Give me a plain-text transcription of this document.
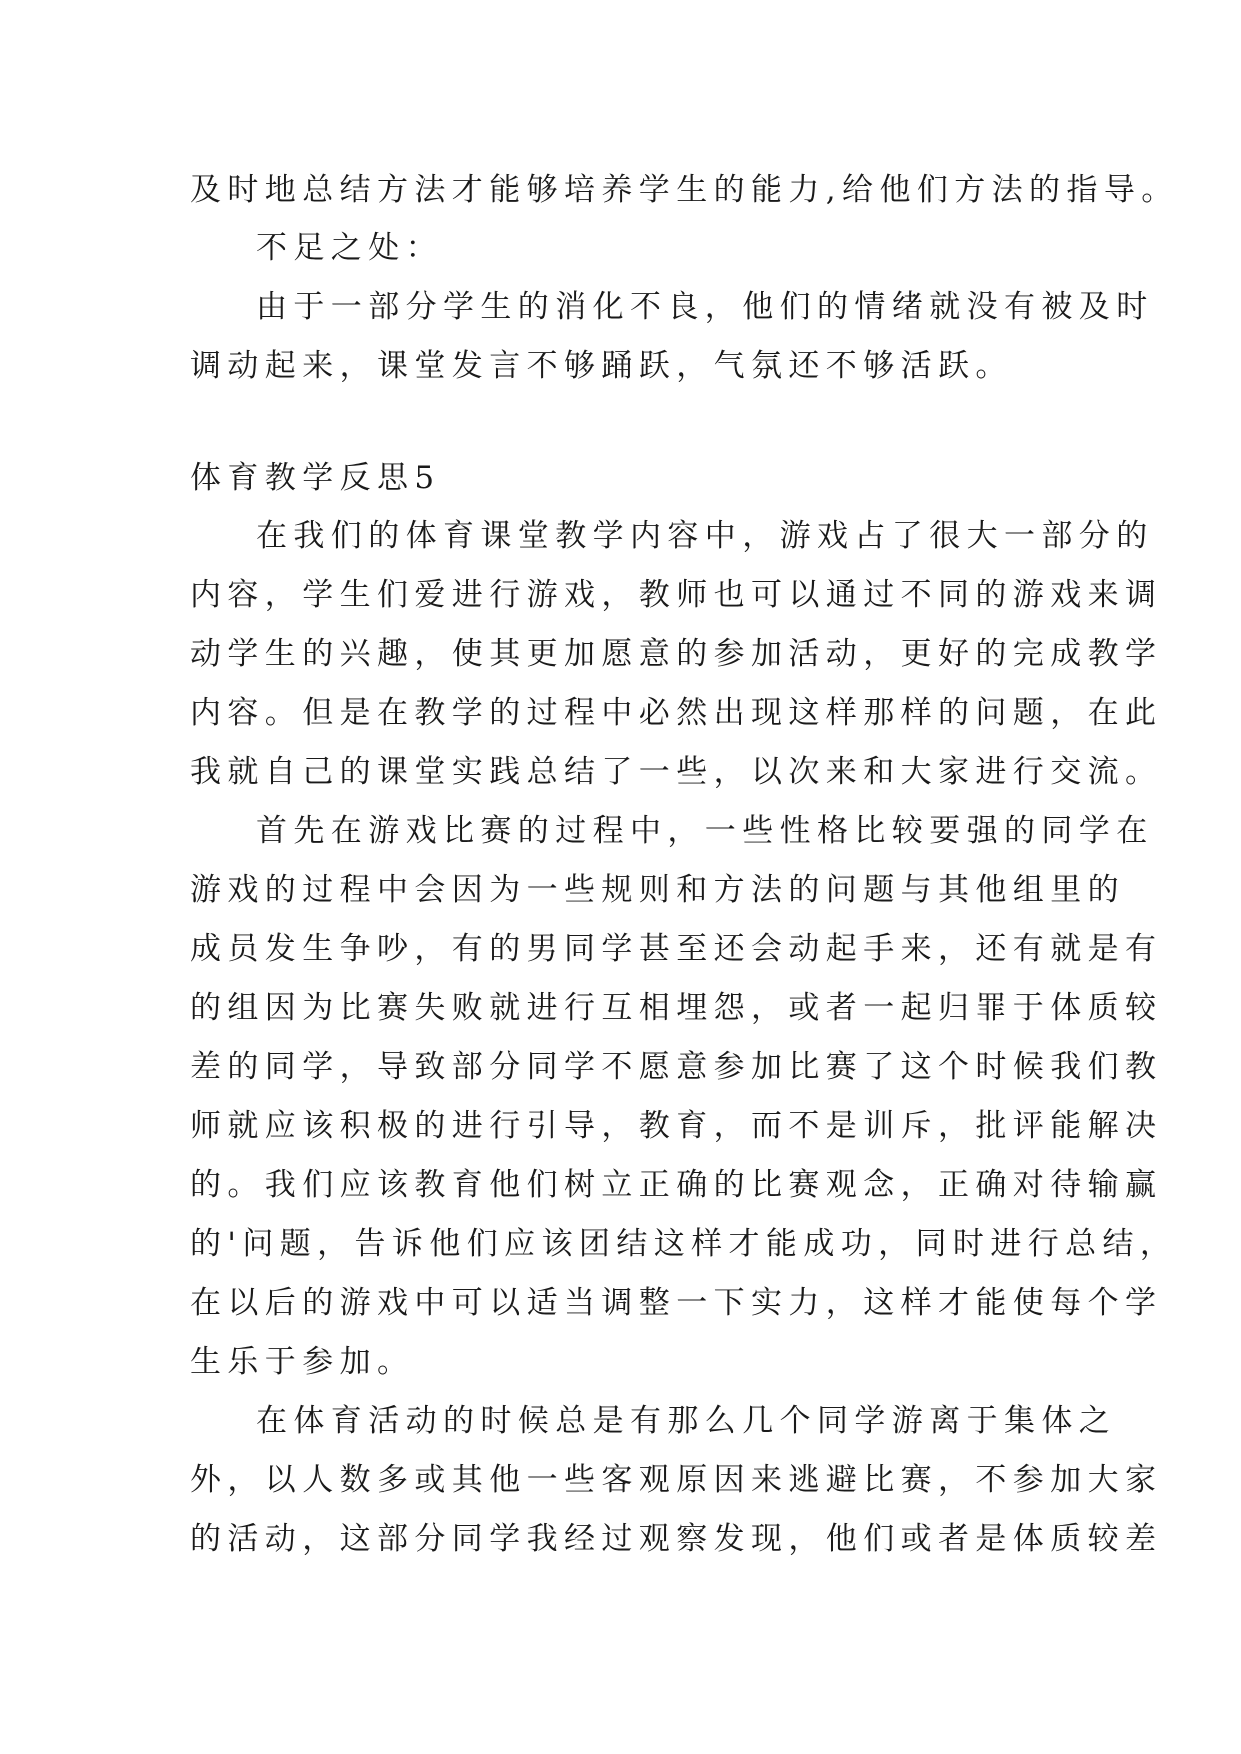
及时地总结方法才能够培养学生的能力,给他们方法的指导。
不足之处：
由于一部分学生的消化不良，他们的情绪就没有被及时
调动起来，课堂发言不够踊跃，气氛还不够活跃。
体育教学反思5
在我们的体育课堂教学内容中，游戏占了很大一部分的
内容，学生们爱进行游戏，教师也可以通过不同的游戏来调
动学生的兴趣，使其更加愿意的参加活动，更好的完成教学
内容。但是在教学的过程中必然出现这样那样的问题，在此
我就自己的课堂实践总结了一些，以次来和大家进行交流。
首先在游戏比赛的过程中，一些性格比较要强的同学在
游戏的过程中会因为一些规则和方法的问题与其他组里的
成员发生争吵，有的男同学甚至还会动起手来，还有就是有
的组因为比赛失败就进行互相埋怨，或者一起归罪于体质较
差的同学，导致部分同学不愿意参加比赛了这个时候我们教
师就应该积极的进行引导，教育，而不是训斥，批评能解决
的。我们应该教育他们树立正确的比赛观念，正确对待输赢
的'问题，告诉他们应该团结这样才能成功，同时进行总结，
在以后的游戏中可以适当调整一下实力，这样才能使每个学
生乐于参加。
在体育活动的时候总是有那么几个同学游离于集体之
外，以人数多或其他一些客观原因来逃避比赛，不参加大家
的活动，这部分同学我经过观察发现，他们或者是体质较差
